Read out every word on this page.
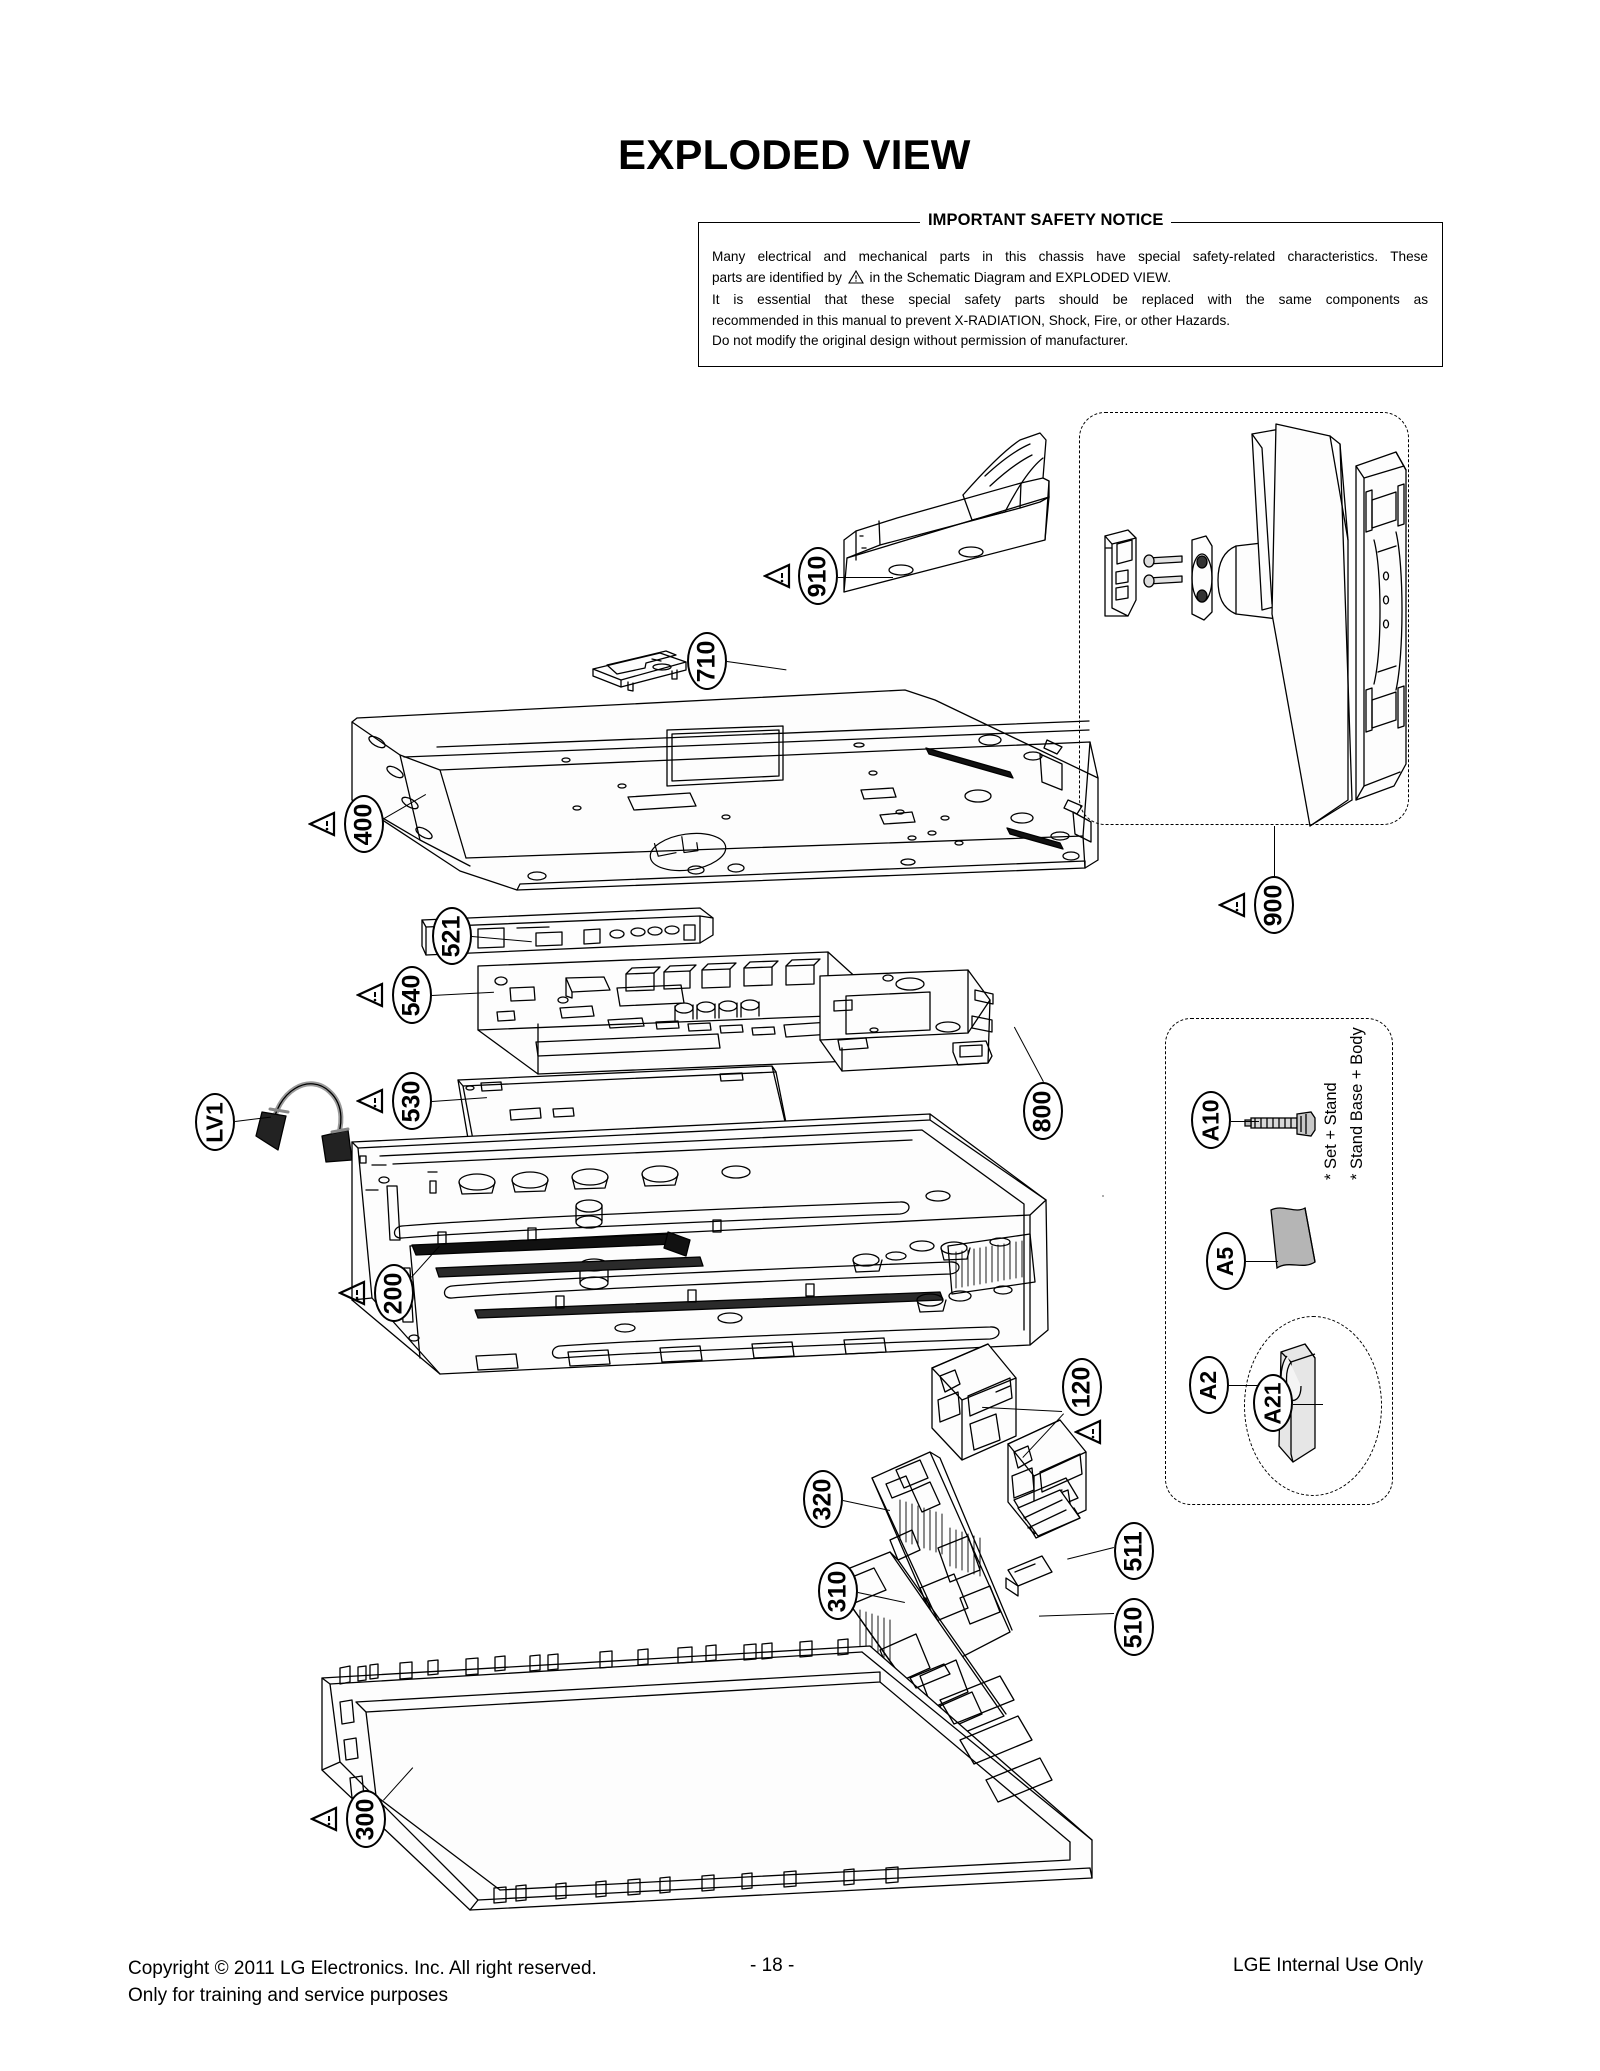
EXPLODED VIEW
IMPORTANT SAFETY NOTICE

Many electrical and mechanical parts in this chassis have special safety-related characteristics. These

parts are identified by in the Schematic Diagram and EXPLODED VIEW.

It is essential that these special safety parts should be replaced with the same components as

recommended in this manual to prevent X-RADIATION, Shock, Fire, or other Hazards.

Do not modify the original design without permission of manufacturer.

910
710
400
521
540
530
LV1
900
800
200
120
320
310
511
510
300
A10
A5
A2 A21
* Set + Stand * Stand Base + Body
Copyright © 2011 LG Electronics. Inc. All right reserved.
Only for training and service purposes
- 18 -	LGE Internal Use Only
